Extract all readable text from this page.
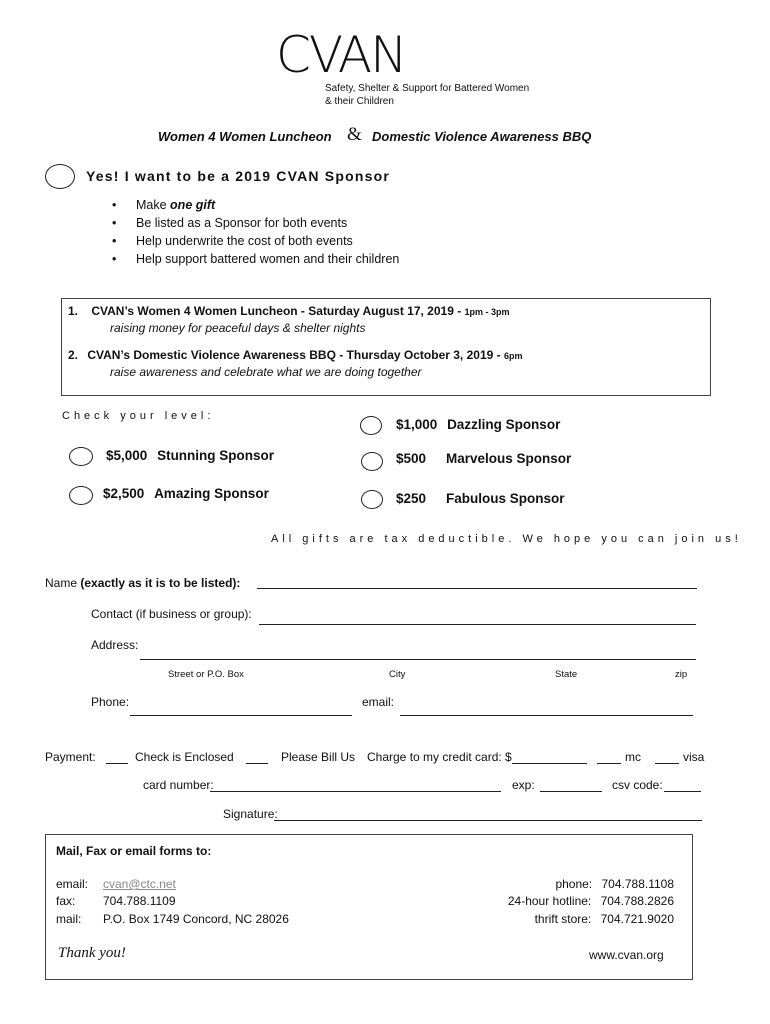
CVAN
Safety, Shelter & Support for Battered Women
& their Children
Women 4 Women Luncheon & Domestic Violence Awareness BBQ
Yes! I want to be a 2019 CVAN Sponsor
• Make one gift
• Be listed as a Sponsor for both events
• Help underwrite the cost of both events
• Help support battered women and their children
1. CVAN’s Women 4 Women Luncheon - Saturday August 17, 2019 - 1pm - 3pm
raising money for peaceful days & shelter nights
2. CVAN’s Domestic Violence Awareness BBQ - Thursday October 3, 2019 - 6pm
raise awareness and celebrate what we are doing together
Check your level:
$5,000 Stunning Sponsor
$2,500 Amazing Sponsor
$1,000 Dazzling Sponsor
$500 Marvelous Sponsor
$250 Fabulous Sponsor
All gifts are tax deductible. We hope you can join us!
Name (exactly as it is to be listed):
Contact (if business or group):
Address:
Street or P.O. Box	City	State	zip
Phone:	email:
Payment:	Check is Enclosed	Please Bill Us Charge to my credit card: $	mc	visa
card number:	exp:	csv code:
Signature:
Mail, Fax or email forms to:
email: cvan@ctc.net
fax: 704.788.1109
mail: P.O. Box 1749 Concord, NC 28026
phone: 704.788.1108
24-hour hotline: 704.788.2826
thrift store: 704.721.9020
Thank you!	www.cvan.org
